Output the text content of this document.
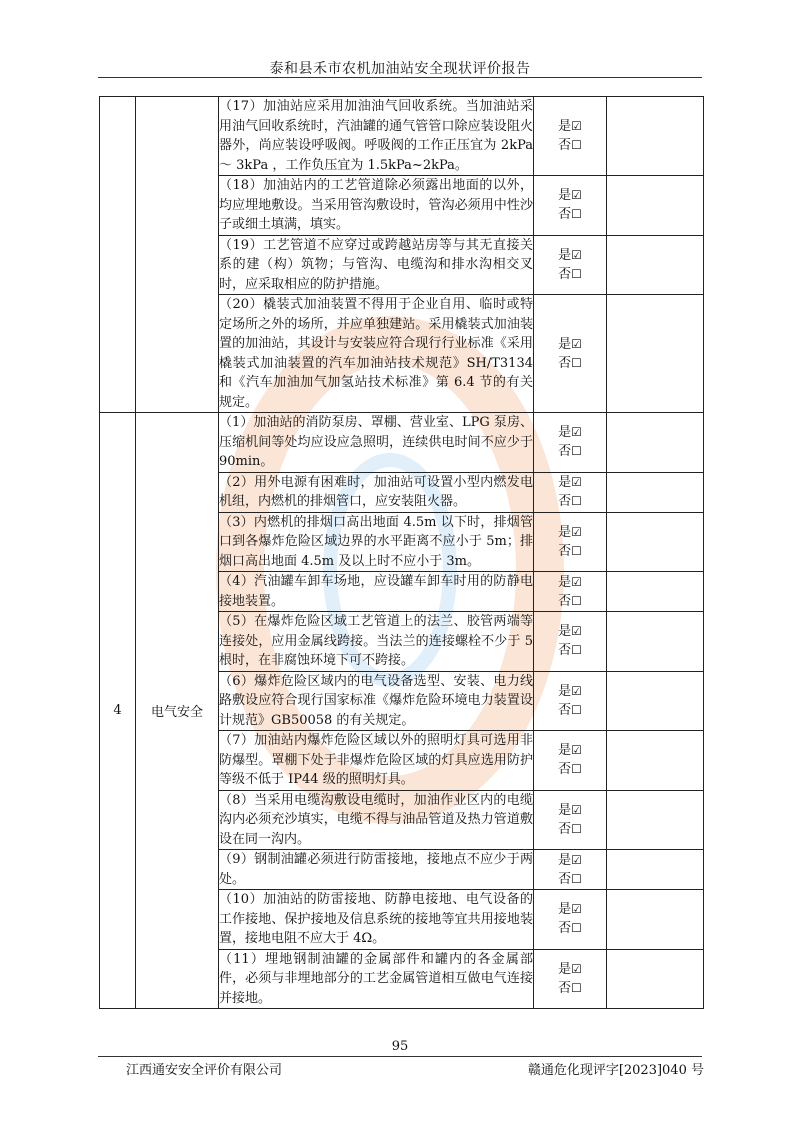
泰和县禾市农机加油站安全现状评价报告
		（17）加油站应采用加油油气回收系统。当加油站采用油气回收系统时，汽油罐的通气管管口除应装设阻火器外，尚应装设呼吸阀。呼吸阀的工作正压宜为 2kPa ～ 3kPa ，工作负压宜为 1.5kPa~2kPa。	是☑
否☐	

		（18）加油站内的工艺管道除必须露出地面的以外，均应埋地敷设。当采用管沟敷设时，管沟必须用中性沙子或细土填满，填实。	是☑
否☐	

		（19）工艺管道不应穿过或跨越站房等与其无直接关系的建（构）筑物；与管沟、电缆沟和排水沟相交叉时，应采取相应的防护措施。	是☑
否☐	

		（20）橇装式加油装置不得用于企业自用、临时或特定场所之外的场所，并应单独建站。采用橇装式加油装置的加油站，其设计与安装应符合现行行业标准《采用橇装式加油装置的汽车加油站技术规范》SH/T3134 和《汽车加油加气加氢站技术标准》第 6.4 节的有关规定。	是☑
否☐	

4	电气安全	（1）加油站的消防泵房、罩棚、营业室、LPG 泵房、压缩机间等处均应设应急照明，连续供电时间不应少于 90min。	是☑
否☐	

		（2）用外电源有困难时，加油站可设置小型内燃发电机组，内燃机的排烟管口，应安装阻火器。	是☑
否☐	

		（3）内燃机的排烟口高出地面 4.5m 以下时，排烟管口到各爆炸危险区域边界的水平距离不应小于 5m；排烟口高出地面 4.5m 及以上时不应小于 3m。	是☑
否☐	

		（4）汽油罐车卸车场地，应设罐车卸车时用的防静电接地装置。	是☑
否☐	

		（5）在爆炸危险区域工艺管道上的法兰、胶管两端等连接处，应用金属线跨接。当法兰的连接螺栓不少于 5 根时，在非腐蚀环境下可不跨接。	是☑
否☐	

		（6）爆炸危险区域内的电气设备选型、安装、电力线路敷设应符合现行国家标准《爆炸危险环境电力装置设计规范》GB50058 的有关规定。	是☑
否☐	

		（7）加油站内爆炸危险区域以外的照明灯具可选用非防爆型。罩棚下处于非爆炸危险区域的灯具应选用防护等级不低于 IP44 级的照明灯具。	是☑
否☐	

		（8）当采用电缆沟敷设电缆时，加油作业区内的电缆沟内必须充沙填实，电缆不得与油品管道及热力管道敷设在同一沟内。	是☑
否☐	

		（9）钢制油罐必须进行防雷接地，接地点不应少于两处。	是☑
否☐	

		（10）加油站的防雷接地、防静电接地、电气设备的工作接地、保护接地及信息系统的接地等宜共用接地装置，接地电阻不应大于 4Ω。	是☑
否☐	

		（11）埋地钢制油罐的金属部件和罐内的各金属部件，必须与非埋地部分的工艺金属管道相互做电气连接并接地。	是☑
否☐	

95
江西通安安全评价有限公司	赣通危化现评字[2023]040 号
